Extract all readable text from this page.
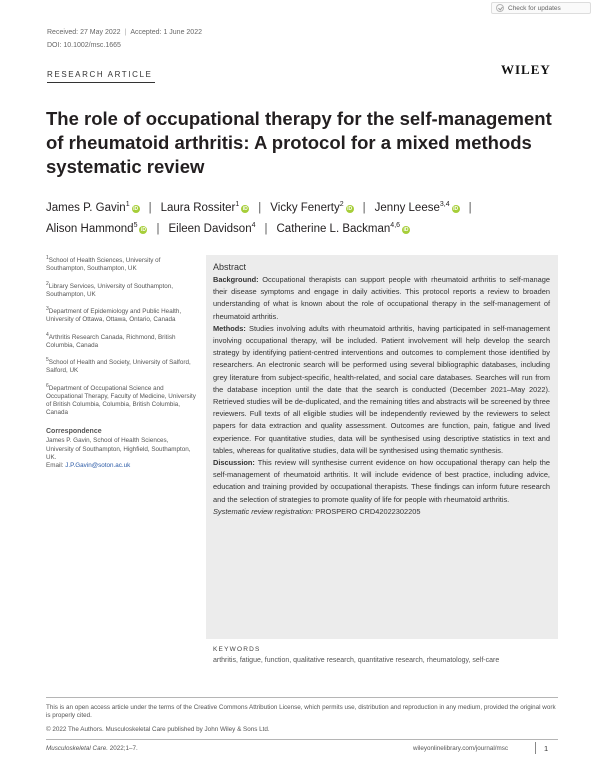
Check for updates
Received: 27 May 2022 | Accepted: 1 June 2022
DOI: 10.1002/msc.1665
RESEARCH ARTICLE	WILEY
The role of occupational therapy for the self-management of rheumatoid arthritis: A protocol for a mixed methods systematic review
James P. Gavin$^1$iD | Laura Rossiter$^1$iD | Vicky Fenerty$^2$iD | Jenny Leese$^{3,4}$iD |
Alison Hammond$^5$iD | Eileen Davidson$^4$ | Catherine L. Backman$^{4,6}$iD
$^1$School of Health Sciences, University of Southampton, Southampton, UK
$^2$Library Services, University of Southampton, Southampton, UK
$^3$Department of Epidemiology and Public Health, University of Ottawa, Ottawa, Ontario, Canada
$^4$Arthritis Research Canada, Richmond, British Columbia, Canada
$^5$School of Health and Society, University of Salford, Salford, UK
$^6$Department of Occupational Science and Occupational Therapy, Faculty of Medicine, University of British Columbia, Columbia, British Columbia, Canada
Correspondence
James P. Gavin, School of Health Sciences, University of Southampton, Highfield, Southampton, UK.
Email: J.P.Gavin@soton.ac.uk
Abstract
Background: Occupational therapists can support people with rheumatoid arthritis to self-manage their disease symptoms and engage in daily activities. This protocol reports a review to broaden understanding of what is known about the role of occupational therapy in the self-management of rheumatoid arthritis.
Methods: Studies involving adults with rheumatoid arthritis, having participated in self-management involving occupational therapy, will be included. Patient involvement will help develop the search strategy by identifying patient-centred interventions and outcomes to complement those identified by researchers. An electronic search will be performed using several bibliographic databases, including grey literature from subject-specific, health-related, and social care databases. Searches will run from the database inception until the date that the search is conducted (December 2021–May 2022). Retrieved studies will be de-duplicated, and the remaining titles and abstracts will be screened by three reviewers. Full texts of all eligible studies will be independently reviewed by the reviewers to select papers for data extraction and quality assessment. Outcomes are function, pain, fatigue and lived experience. For quantitative studies, data will be synthesised using descriptive statistics in text and tables, whereas for qualitative studies, data will be synthesised using thematic synthesis.
Discussion: This review will synthesise current evidence on how occupational therapy can help the self-management of rheumatoid arthritis. It will include evidence of best practice, including advice, education and training provided by occupational therapists. These findings can inform future research and the selection of strategies to promote quality of life for people with rheumatoid arthritis.
Systematic review registration: PROSPERO CRD42022302205
KEYWORDS
arthritis, fatigue, function, qualitative research, quantitative research, rheumatology, self-care
This is an open access article under the terms of the Creative Commons Attribution License, which permits use, distribution and reproduction in any medium, provided the original work is properly cited.
© 2022 The Authors. Musculoskeletal Care published by John Wiley & Sons Ltd.
Musculoskeletal Care. 2022;1–7.	wileyonlinelibrary.com/journal/msc	1
